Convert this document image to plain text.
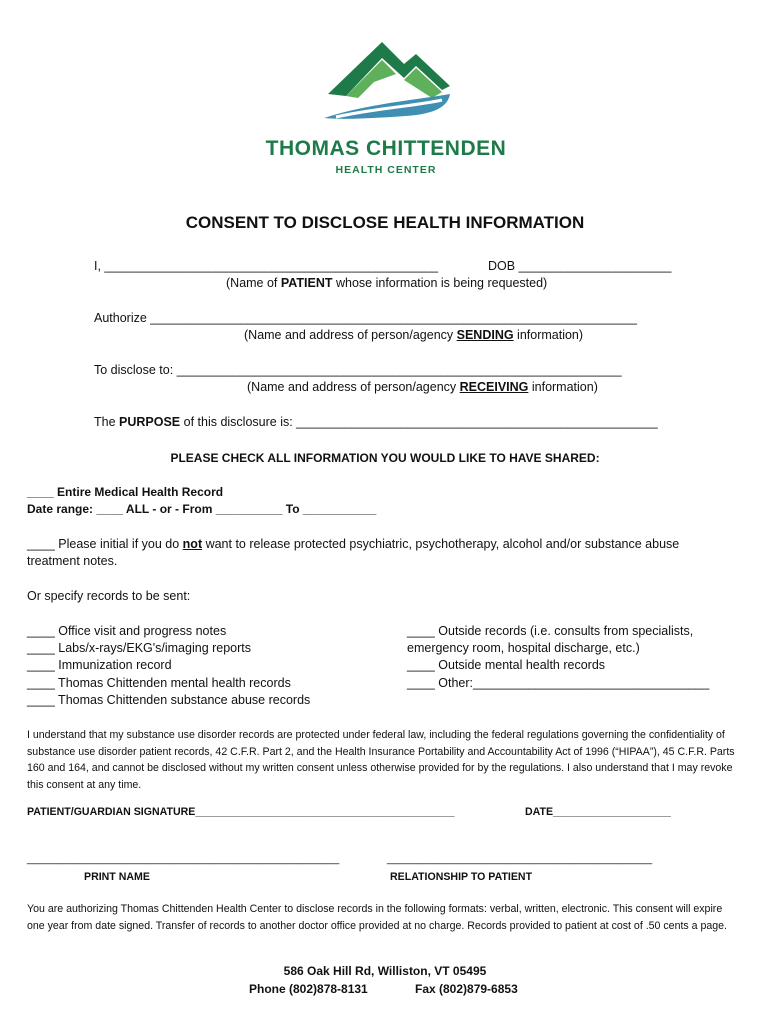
THOMAS CHITTENDEN
HEALTH CENTER
CONSENT TO DISCLOSE HEALTH INFORMATION
I, ________________________________________________	DOB ______________________
(Name of PATIENT whose information is being requested)
Authorize ______________________________________________________________________
(Name and address of person/agency SENDING information)
To disclose to: ________________________________________________________________
(Name and address of person/agency RECEIVING information)
The PURPOSE of this disclosure is: ____________________________________________________
PLEASE CHECK ALL INFORMATION YOU WOULD LIKE TO HAVE SHARED:
____ Entire Medical Health Record
Date range: ____ ALL - or - From __________ To ___________
____ Please initial if you do not want to release protected psychiatric, psychotherapy, alcohol and/or substance abuse
treatment notes.
Or specify records to be sent:
____ Office visit and progress notes
____ Labs/x-rays/EKG's/imaging reports
____ Immunization record
____ Thomas Chittenden mental health records
____ Thomas Chittenden substance abuse records
____ Outside records (i.e. consults from specialists,
emergency room, hospital discharge, etc.)
____ Outside mental health records
____ Other:__________________________________
I understand that my substance use disorder records are protected under federal law, including the federal regulations governing the confidentiality of substance use disorder patient records, 42 C.F.R. Part 2, and the Health Insurance Portability and Accountability Act of 1996 (“HIPAA”), 45 C.F.R. Parts 160 and 164, and cannot be disclosed without my written consent unless otherwise provided for by the regulations. I also understand that I may revoke this consent at any time.
PATIENT/GUARDIAN SIGNATURE____________________________________________	DATE____________________
_____________________________________________________	_____________________________________________
PRINT NAME	RELATIONSHIP TO PATIENT
You are authorizing Thomas Chittenden Health Center to disclose records in the following formats: verbal, written, electronic. This consent will expire one year from date signed. Transfer of records to another doctor office provided at no charge. Records provided to patient at cost of .50 cents a page.
586 Oak Hill Rd, Williston, VT 05495
Phone (802)878-8131	Fax (802)879-6853
